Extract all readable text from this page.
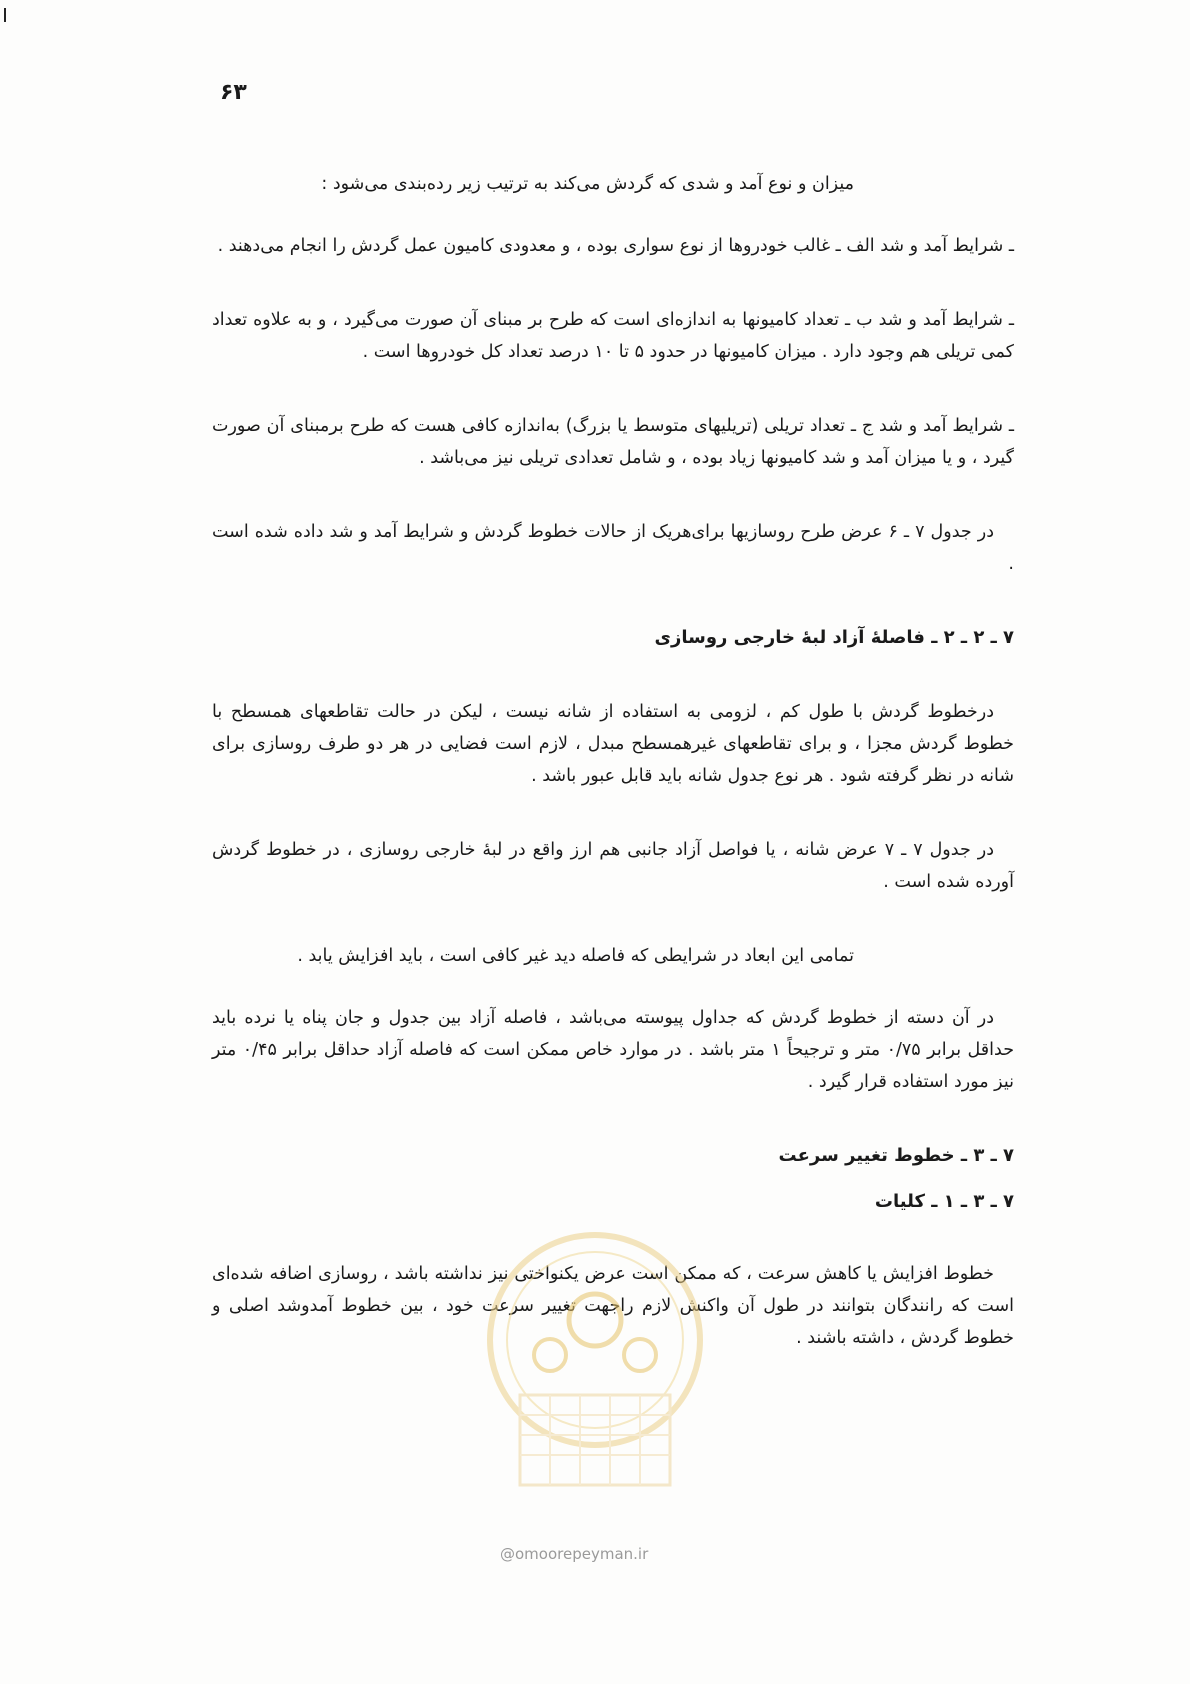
۶۳

میزان و نوع آمد و شدی که گردش می‌کند به ترتیب زیر رده‌بندی می‌شود :

ـ شرایط آمد و شد الف ـ غالب خودروها از نوع سواری بوده ، و معدودی کامیون عمل گردش را انجام می‌دهند .

ـ شرایط آمد و شد ب ـ تعداد کامیونها به اندازه‌ای است که طرح بر مبنای آن صورت می‌گیرد ، و به علاوه تعداد کمی تریلی هم وجود دارد . میزان کامیونها در حدود ۵ تا ۱۰ درصد تعداد کل خودروها است .

ـ شرایط آمد و شد ج ـ تعداد تریلی (تریلیهای متوسط یا بزرگ) به‌اندازه کافی هست که طرح برمبنای آن صورت گیرد ، و یا میزان آمد و شد کامیونها زیاد بوده ، و شامل تعدادی تریلی نیز می‌باشد .

در جدول ۷ ـ ۶ عرض طرح روسازیها برای‌هریک از حالات خطوط گردش و شرایط آمد و شد داده شده است .

۷ ـ ۲ ـ ۲ ـ فاصلهٔ آزاد لبهٔ خارجی روسازی

درخطوط گردش با طول کم ، لزومی به استفاده از شانه نیست ، لیکن در حالت تقاطعهای همسطح با خطوط گردش مجزا ، و برای تقاطعهای غیرهمسطح مبدل ، لازم است فضایی در هر دو طرف روسازی برای شانه در نظر گرفته شود . هر نوع جدول شانه باید قابل عبور باشد .

در جدول ۷ ـ ۷ عرض شانه ، یا فواصل آزاد جانبی هم ارز واقع در لبهٔ خارجی روسازی ، در خطوط گردش آورده شده است .

تمامی این ابعاد در شرایطی که فاصله دید غیر کافی است ، باید افزایش یابد .

در آن دسته از خطوط گردش که جداول پیوسته می‌باشد ، فاصله آزاد بین جدول و جان پناه یا نرده باید حداقل برابر ۰/۷۵ متر و ترجیحاً ۱ متر باشد . در موارد خاص ممکن است که فاصله آزاد حداقل برابر ۰/۴۵ متر نیز مورد استفاده قرار گیرد .

۷ ـ ۳ ـ خطوط تغییر سرعت
۷ ـ ۳ ـ ۱ ـ کلیات

خطوط افزایش یا کاهش سرعت ، که ممکن است عرض یکنواختی نیز نداشته باشد ، روسازی اضافه شده‌ای است که رانندگان بتوانند در طول آن واکنش لازم راجهت تغییر سرعت خود ، بین خطوط آمدوشد اصلی و خطوط گردش ، داشته باشند .

@omoorepeyman.ir
